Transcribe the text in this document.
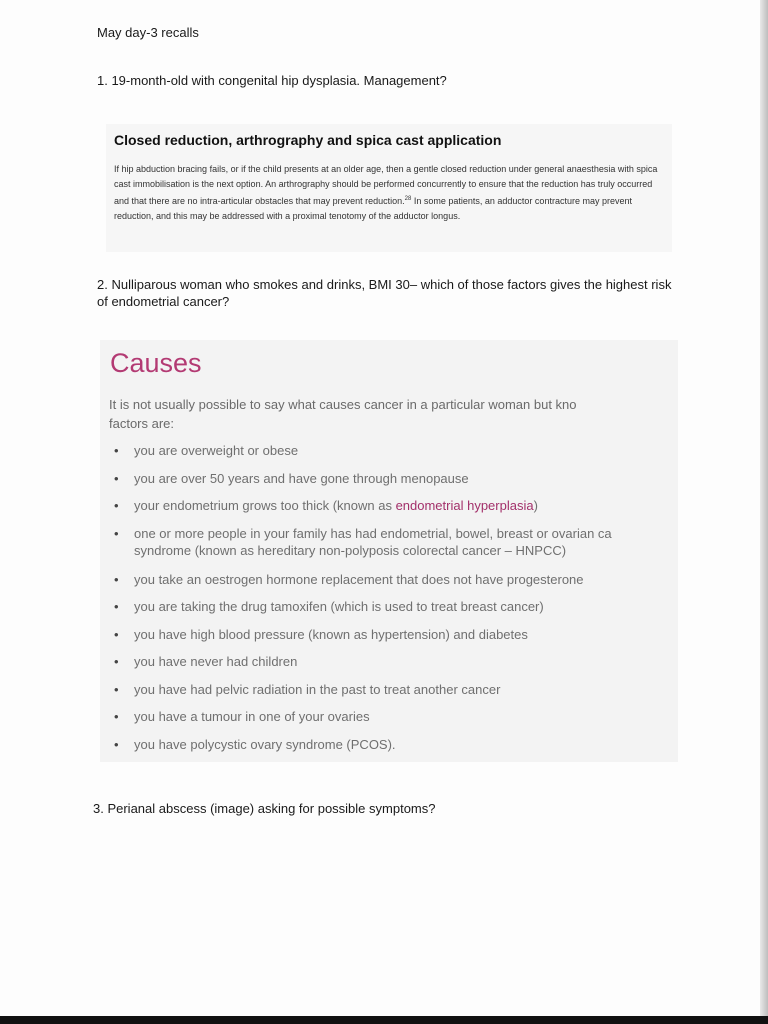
May day-3 recalls
1. 19-month-old with congenital hip dysplasia. Management?
Closed reduction, arthrography and spica cast application
If hip abduction bracing fails, or if the child presents at an older age, then a gentle closed reduction under general anaesthesia with spica cast immobilisation is the next option. An arthrography should be performed concurrently to ensure that the reduction has truly occurred and that there are no intra-articular obstacles that may prevent reduction.$^{28}$ In some patients, an adductor contracture may prevent reduction, and this may be addressed with a proximal tenotomy of the adductor longus.
2. Nulliparous woman who smokes and drinks, BMI 30– which of those factors gives the highest risk of endometrial cancer?
Causes
It is not usually possible to say what causes cancer in a particular woman but kno
factors are:
• you are overweight or obese
• you are over 50 years and have gone through menopause
• your endometrium grows too thick (known as endometrial hyperplasia)
• one or more people in your family has had endometrial, bowel, breast or ovarian ca
syndrome (known as hereditary non-polyposis colorectal cancer – HNPCC)
• you take an oestrogen hormone replacement that does not have progesterone
• you are taking the drug tamoxifen (which is used to treat breast cancer)
• you have high blood pressure (known as hypertension) and diabetes
• you have never had children
• you have had pelvic radiation in the past to treat another cancer
• you have a tumour in one of your ovaries
• you have polycystic ovary syndrome (PCOS).
3. Perianal abscess (image) asking for possible symptoms?
